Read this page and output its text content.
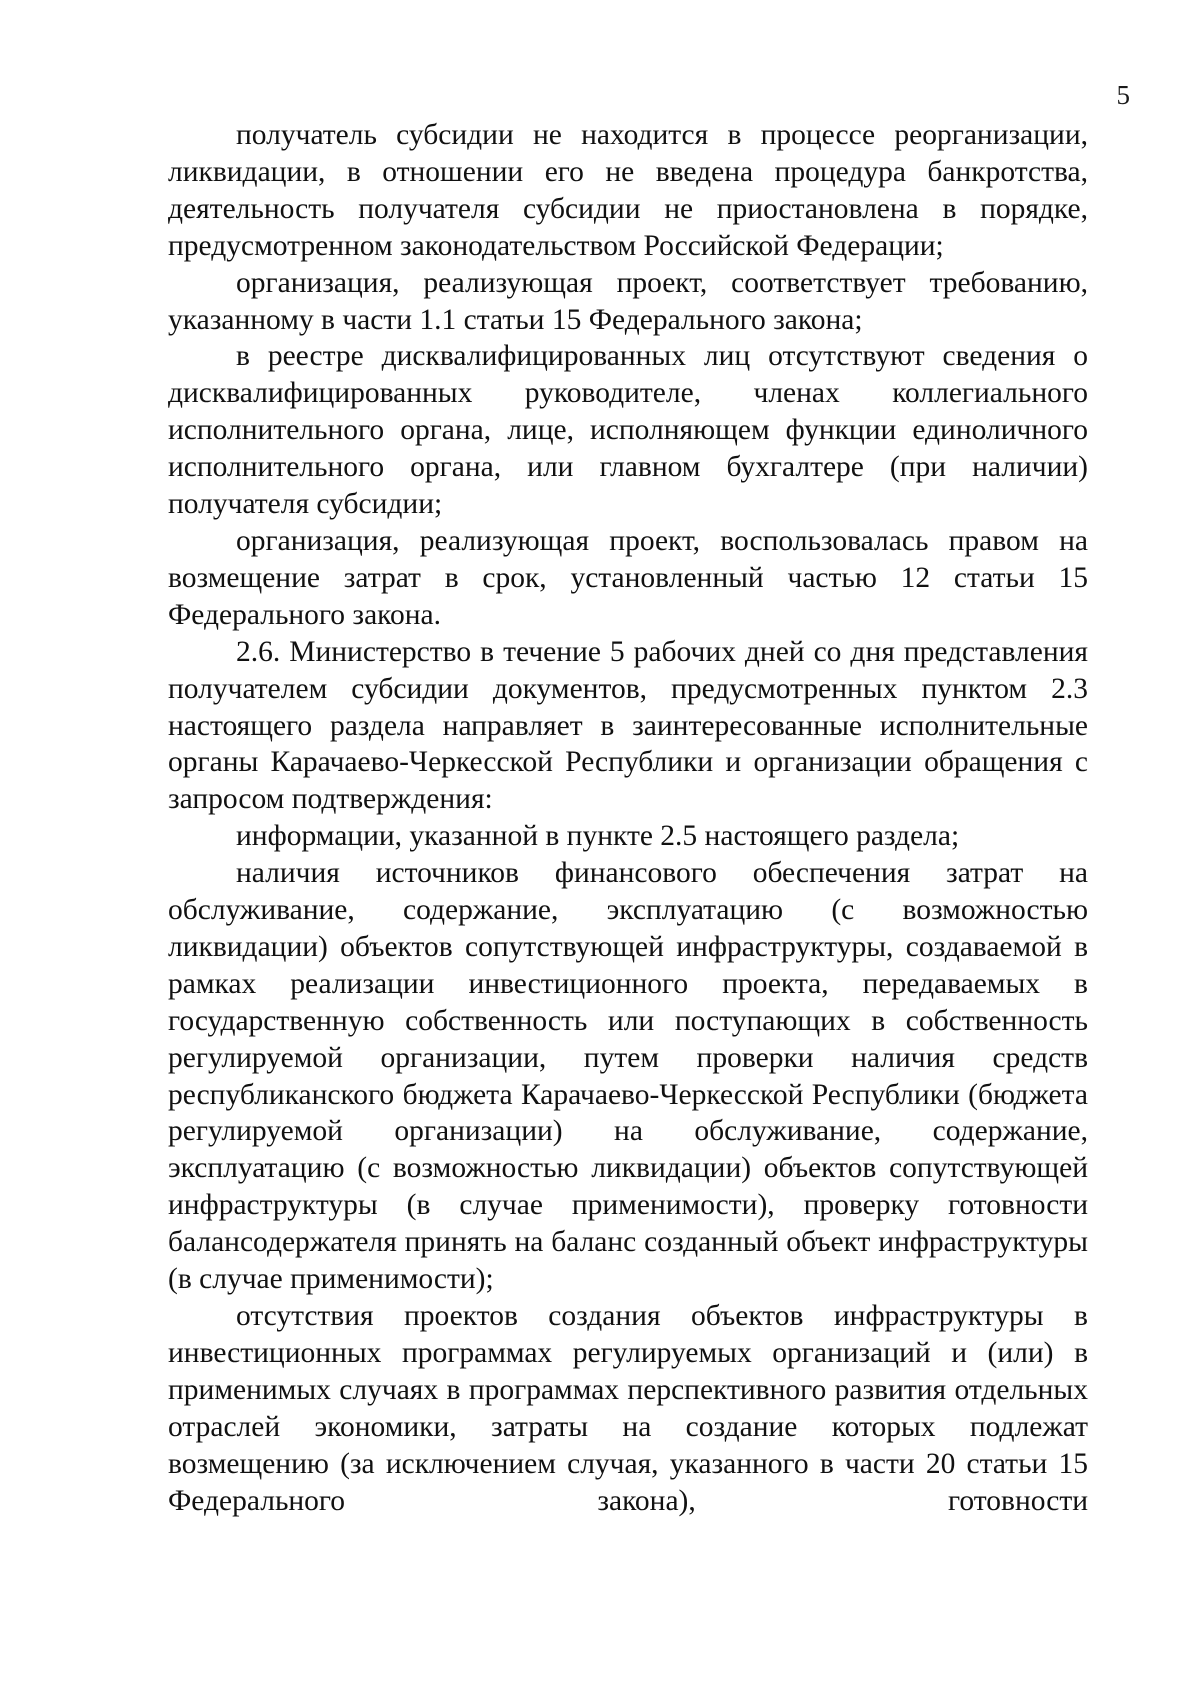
5

получатель субсидии не находится в процессе реорганизации, ликвидации, в отношении его не введена процедура банкротства, деятельность получателя субсидии не приостановлена в порядке, предусмотренном законодательством Российской Федерации;

организация, реализующая проект, соответствует требованию, указанному в части 1.1 статьи 15 Федерального закона;

в реестре дисквалифицированных лиц отсутствуют сведения о дисквалифицированных руководителе, членах коллегиального исполнительного органа, лице, исполняющем функции единоличного исполнительного органа, или главном бухгалтере (при наличии) получателя субсидии;

организация, реализующая проект, воспользовалась правом на возмещение затрат в срок, установленный частью 12 статьи 15 Федерального закона.

2.6. Министерство в течение 5 рабочих дней со дня представления получателем субсидии документов, предусмотренных пунктом 2.3 настоящего раздела направляет в заинтересованные исполнительные органы Карачаево-Черкесской Республики и организации обращения с запросом подтверждения:

информации, указанной в пункте 2.5 настоящего раздела;

наличия источников финансового обеспечения затрат на обслуживание, содержание, эксплуатацию (с возможностью ликвидации) объектов сопутствующей инфраструктуры, создаваемой в рамках реализации инвестиционного проекта, передаваемых в государственную собственность или поступающих в собственность регулируемой организации, путем проверки наличия средств республиканского бюджета Карачаево-Черкесской Республики (бюджета регулируемой организации) на обслуживание, содержание, эксплуатацию (с возможностью ликвидации) объектов сопутствующей инфраструктуры (в случае применимости), проверку готовности балансодержателя принять на баланс созданный объект инфраструктуры (в случае применимости);

отсутствия проектов создания объектов инфраструктуры в инвестиционных программах регулируемых организаций и (или) в применимых случаях в программах перспективного развития отдельных отраслей экономики, затраты на создание которых подлежат возмещению (за исключением случая, указанного в части 20 статьи 15 Федерального закона), готовности
